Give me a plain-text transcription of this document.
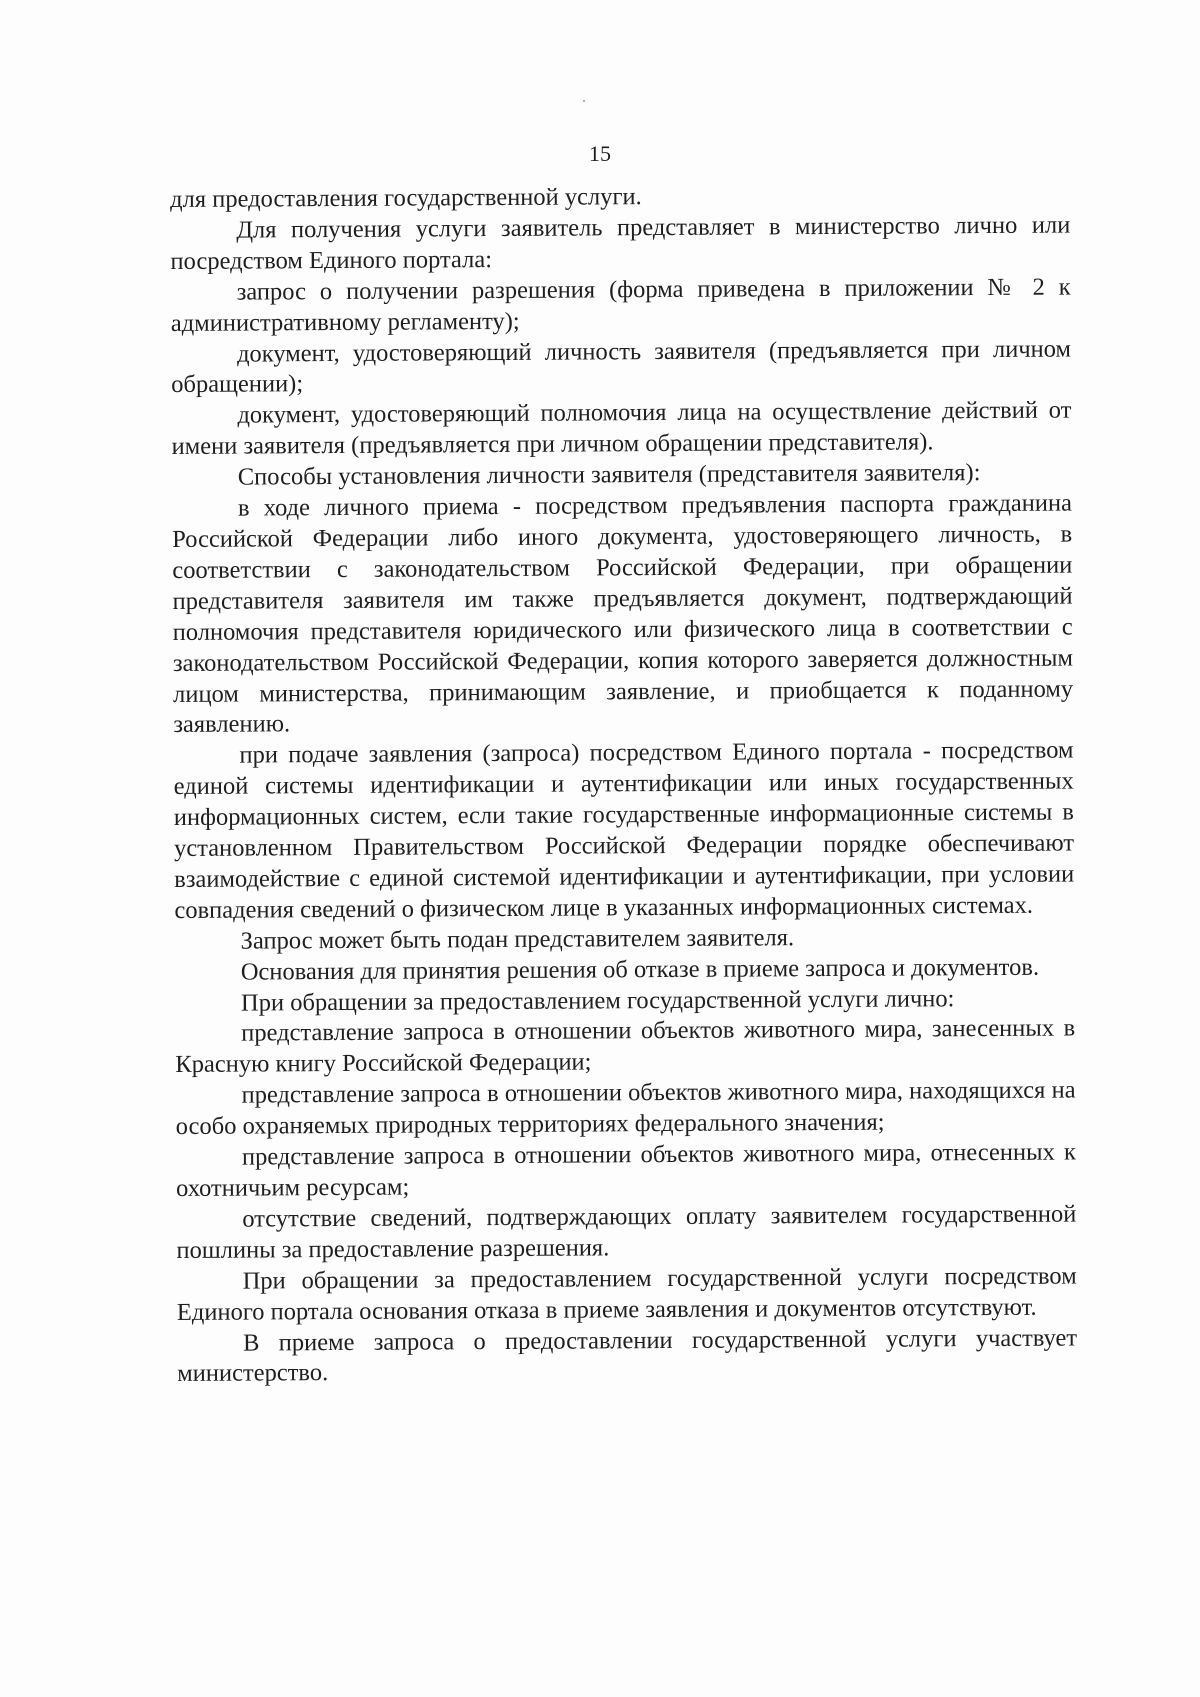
15

для предоставления государственной услуги.

Для получения услуги заявитель представляет в министерство лично или посредством Единого портала:

запрос о получении разрешения (форма приведена в приложении № 2 к административному регламенту);

документ, удостоверяющий личность заявителя (предъявляется при личном обращении);

документ, удостоверяющий полномочия лица на осуществление действий от имени заявителя (предъявляется при личном обращении представителя).

Способы установления личности заявителя (представителя заявителя):

в ходе личного приема - посредством предъявления паспорта гражданина Российской Федерации либо иного документа, удостоверяющего личность, в соответствии с законодательством Российской Федерации, при обращении представителя заявителя им также предъявляется документ, подтверждающий полномочия представителя юридического или физического лица в соответствии с законодательством Российской Федерации, копия которого заверяется должностным лицом министерства, принимающим заявление, и приобщается к поданному заявлению.

при подаче заявления (запроса) посредством Единого портала - посредством единой системы идентификации и аутентификации или иных государственных информационных систем, если такие государственные информационные системы в установленном Правительством Российской Федерации порядке обеспечивают взаимодействие с единой системой идентификации и аутентификации, при условии совпадения сведений о физическом лице в указанных информационных системах.

Запрос может быть подан представителем заявителя.

Основания для принятия решения об отказе в приеме запроса и документов.

При обращении за предоставлением государственной услуги лично:

представление запроса в отношении объектов животного мира, занесенных в Красную книгу Российской Федерации;

представление запроса в отношении объектов животного мира, находящихся на особо охраняемых природных территориях федерального значения;

представление запроса в отношении объектов животного мира, отнесенных к охотничьим ресурсам;

отсутствие сведений, подтверждающих оплату заявителем государственной пошлины за предоставление разрешения.

При обращении за предоставлением государственной услуги посредством Единого портала основания отказа в приеме заявления и документов отсутствуют.

В приеме запроса о предоставлении государственной услуги участвует министерство.
